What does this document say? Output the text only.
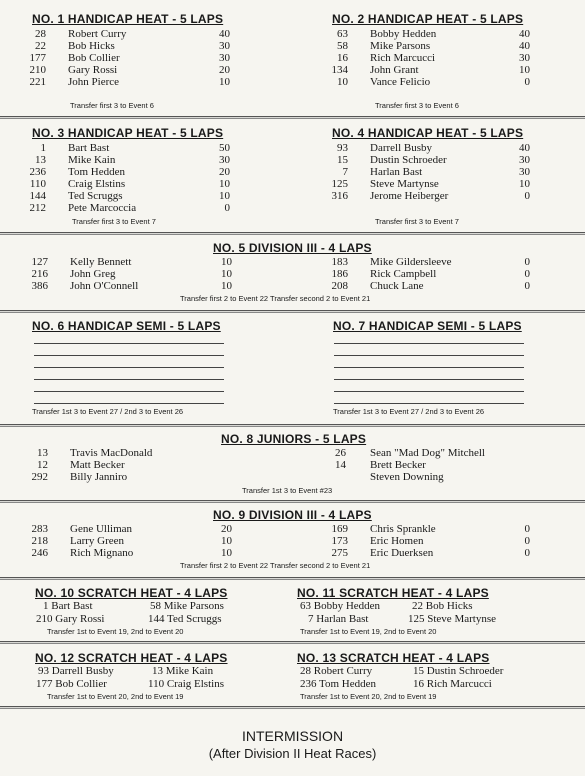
NO. 1 HANDICAP HEAT - 5 LAPS
28 Robert Curry	40
22 Bob Hicks	30
177 Bob Collier	30
210 Gary Rossi	20
221 John Pierce	10
Transfer first 3 to Event 6
NO. 2 HANDICAP HEAT - 5 LAPS
63 Bobby Hedden	40
58 Mike Parsons	40
16 Rich Marcucci	30
134 John Grant	10
10 Vance Felicio	0
Transfer first 3 to Event 6
NO. 3 HANDICAP HEAT - 5 LAPS
1 Bart Bast	50
13 Mike Kain	30
236 Tom Hedden	20
110 Craig Elstins	10
144 Ted Scruggs	10
212 Pete Marcoccia	0
Transfer first 3 to Event 7
NO. 4 HANDICAP HEAT - 5 LAPS
93 Darrell Busby	40
15 Dustin Schroeder	30
7 Harlan Bast	30
125 Steve Martynse	10
316 Jerome Heiberger	0
Transfer first 3 to Event 7
NO. 5 DIVISION III - 4 LAPS
127 Kelly Bennett	10
216 John Greg	10
386 John O'Connell	10
183 Mike Gildersleeve	0
186 Rick Campbell	0
208 Chuck Lane	0
Transfer first 2 to Event 22 Transfer second 2 to Event 21
NO. 6 HANDICAP SEMI - 5 LAPS
Transfer 1st 3 to Event 27 / 2nd 3 to Event 26
NO. 7 HANDICAP SEMI - 5 LAPS
Transfer 1st 3 to Event 27 / 2nd 3 to Event 26
NO. 8 JUNIORS - 5 LAPS
13 Travis MacDonald
12 Matt Becker
292 Billy Janniro
26 Sean "Mad Dog" Mitchell
14 Brett Becker
Steven Downing
Transfer 1st 3 to Event #23
NO. 9 DIVISION III - 4 LAPS
283 Gene Ulliman	20
218 Larry Green	10
246 Rich Mignano	10
169 Chris Sprankle	0
173 Eric Homen	0
275 Eric Duerksen	0
Transfer first 2 to Event 22 Transfer second 2 to Event 21
NO. 10 SCRATCH HEAT - 4 LAPS
1 Bart Bast	58 Mike Parsons
210 Gary Rossi	144 Ted Scruggs
Transfer 1st to Event 19, 2nd to Event 20
NO. 11 SCRATCH HEAT - 4 LAPS
63 Bobby Hedden	22 Bob Hicks
7 Harlan Bast	125 Steve Martynse
Transfer 1st to Event 19, 2nd to Event 20
NO. 12 SCRATCH HEAT - 4 LAPS
93 Darrell Busby	13 Mike Kain
177 Bob Collier	110 Craig Elstins
Transfer 1st to Event 20, 2nd to Event 19
NO. 13 SCRATCH HEAT - 4 LAPS
28 Robert Curry	15 Dustin Schroeder
236 Tom Hedden	16 Rich Marcucci
Transfer 1st to Event 20, 2nd to Event 19
INTERMISSION
(After Division II Heat Races)
